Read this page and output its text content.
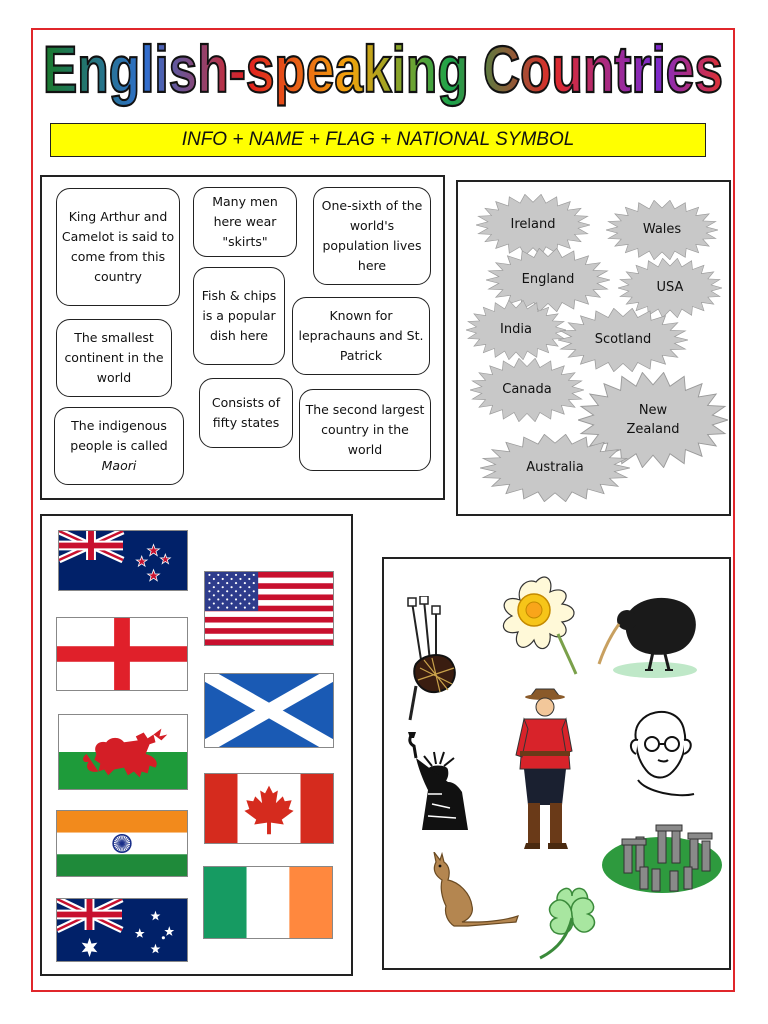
English-speaking Countries
INFO + NAME + FLAG + NATIONAL SYMBOL
King Arthur and Camelot is said to come from this country
Many men here wear "skirts"
One-sixth of the world's population lives here
Fish & chips is a popular dish here
The smallest continent in the world
Known for leprachauns and St. Patrick
Consists of fifty states
The second largest country in the world
The indigenous people is called
Maori
Ireland	Wales
England
USA
India
Scotland
Canada
New Zealand
Australia
